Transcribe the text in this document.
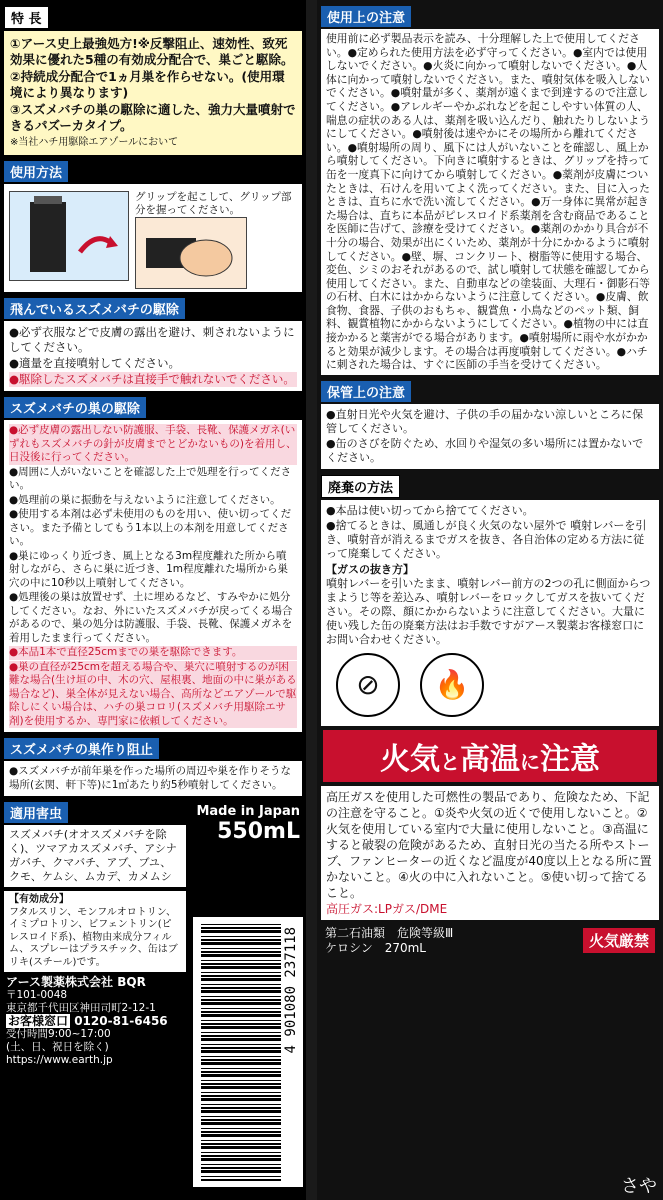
特 長
①アース史上最強処方!※反撃阻止、速効性、致死効果に優れた5種の有効成分配合で、巣ごと駆除。
②持続成分配合で1ヵ月巣を作らせない。(使用環境により異なります)
③スズメバチの巣の駆除に適した、強力大量噴射できるパズーカタイプ。
※当社ハチ用駆除エアゾールにおいて
使用方法
グリップを起こして、グリップ部分を握ってください。
飛んでいるスズメバチの駆除
●必ず衣服などで皮膚の露出を避け、刺されないようにしてください。
●適量を直接噴射してください。
●駆除したスズメバチは直接手で触れないでください。
スズメバチの巣の駆除
●必ず皮膚の露出しない防護服、手袋、長靴、保護メガネ(いずれもスズメバチの針が皮膚までとどかないもの)を着用し、日没後に行ってください。
●周囲に人がいないことを確認した上で処理を行ってください。
●処理前の巣に振動を与えないように注意してください。
●使用する本剤は必ず未使用のものを用い、使い切ってください。また予備としてもう1本以上の本剤を用意してください。
●巣にゆっくり近づき、風上となる3m程度離れた所から噴射しながら、さらに巣に近づき、1m程度離れた場所から巣穴の中に10秒以上噴射してください。
●処理後の巣は放置せず、土に埋めるなど、すみやかに処分してください。なお、外にいたスズメバチが戻ってくる場合があるので、巣の処分は防護服、手袋、長靴、保護メガネを着用したまま行ってください。
●本品1本で直径25cmまでの巣を駆除できます。
●巣の直径が25cmを超える場合や、巣穴に噴射するのが困難な場合(生け垣の中、木の穴、屋根裏、地面の中に巣がある場合など)、巣全体が見えない場合、高所などエアゾールで駆除しにくい場合は、ハチの巣コロリ(スズメバチ用駆除エサ剤)を使用するか、専門家に依頼してください。
スズメバチの巣作り阻止
●スズメバチが前年巣を作った場所の周辺や巣を作りそうな場所(玄関、軒下等)に1㎡あたり約5秒噴射してください。
適用害虫
スズメバチ(オオスズメバチを除く)、ツマアカスズメバチ、アシナガバチ、クマバチ、アブ、ブユ、クモ、ケムシ、ムカデ、カメムシ
【有効成分】
フタルスリン、モンフルオロトリン、イミプロトリン、ビフェントリン(ピレスロイド系)、植物由来成分フィルム、スプレーはプラスチック、缶はブリキ(スチール)です。
アース製薬株式会社 BQR
〒101-0048
東京都千代田区神田司町2-12-1
お客様窓口 0120-81-6456
受付時間9:00~17:00
(土、日、祝日を除く)
https://www.earth.jp
Made in Japan
550mL
4 901080 237118
使用上の注意
使用前に必ず製品表示を読み、十分理解した上で使用してください。●定められた使用方法を必ず守ってください。●室内では使用しないでください。●火炎に向かって噴射しないでください。●人体に向かって噴射しないでください。また、噴射気体を吸入しないでください。●噴射量が多く、薬剤が遠くまで到達するので注意してください。●アレルギーやかぶれなどを起こしやすい体質の人、喘息の症状のある人は、薬剤を吸い込んだり、触れたりしないようにしてください。●噴射後は速やかにその場所から離れてください。●噴射場所の周り、風下には人がいないことを確認し、風上から噴射してください。下向きに噴射するときは、グリップを持って缶を一度真下に向けてから噴射してください。●薬剤が皮膚についたときは、石けんを用いてよく洗ってください。また、目に入ったときは、直ちに水で洗い流してください。●万一身体に異常が起きた場合は、直ちに本品がピレスロイド系薬剤を含む商品であることを医師に告げて、診療を受けてください。●薬剤のかかり具合が不十分の場合、効果が出にくいため、薬剤が十分にかかるように噴射してください。●壁、塀、コンクリート、樹脂等に使用する場合、変色、シミのおそれがあるので、試し噴射して状態を確認してから使用してください。また、自動車などの塗装面、大理石・御影石等の石材、白木にはかからないように注意してください。●皮膚、飲食物、食器、子供のおもちゃ、観賞魚・小鳥などのペット類、飼料、観賞植物にかからないようにしてください。●植物の中には直接かかると薬害がでる場合があります。●噴射場所に雨や水がかかると効果が減少します。その場合は再度噴射してください。●ハチに刺された場合は、すぐに医師の手当を受けてください。
保管上の注意
●直射日光や火気を避け、子供の手の届かない涼しいところに保管してください。
●缶のさびを防ぐため、水回りや湿気の多い場所には置かないでください。
廃棄の方法
●本品は使い切ってから捨ててください。
●捨てるときは、風通しが良く火気のない屋外で 噴射レバーを引き、噴射音が消えるまでガスを抜き、各自治体の定める方法に従って廃棄してください。
【ガスの抜き方】
噴射レバーを引いたまま、噴射レバー前方の2つの孔に側面からつまようじ等を差込み、噴射レバーをロックしてガスを抜いてください。その際、顔にかからないように注意してください。大量に使い残した缶の廃棄方法はお手数ですがアース製薬お客様窓口にお問い合わせください。
⊘	🔥
火気と高温に注意
高圧ガスを使用した可燃性の製品であり、危険なため、下記の注意を守ること。①炎や火気の近くで使用しないこと。②火気を使用している室内で大量に使用しないこと。③高温にすると破裂の危険があるため、直射日光の当たる所やストーブ、ファンヒーターの近くなど温度が40度以上となる所に置かないこと。④火の中に入れないこと。⑤使い切って捨てること。
高圧ガス:LPガス/DME
第二石油類　危険等級Ⅲ
ケロシン　270mL	火気厳禁
さや
